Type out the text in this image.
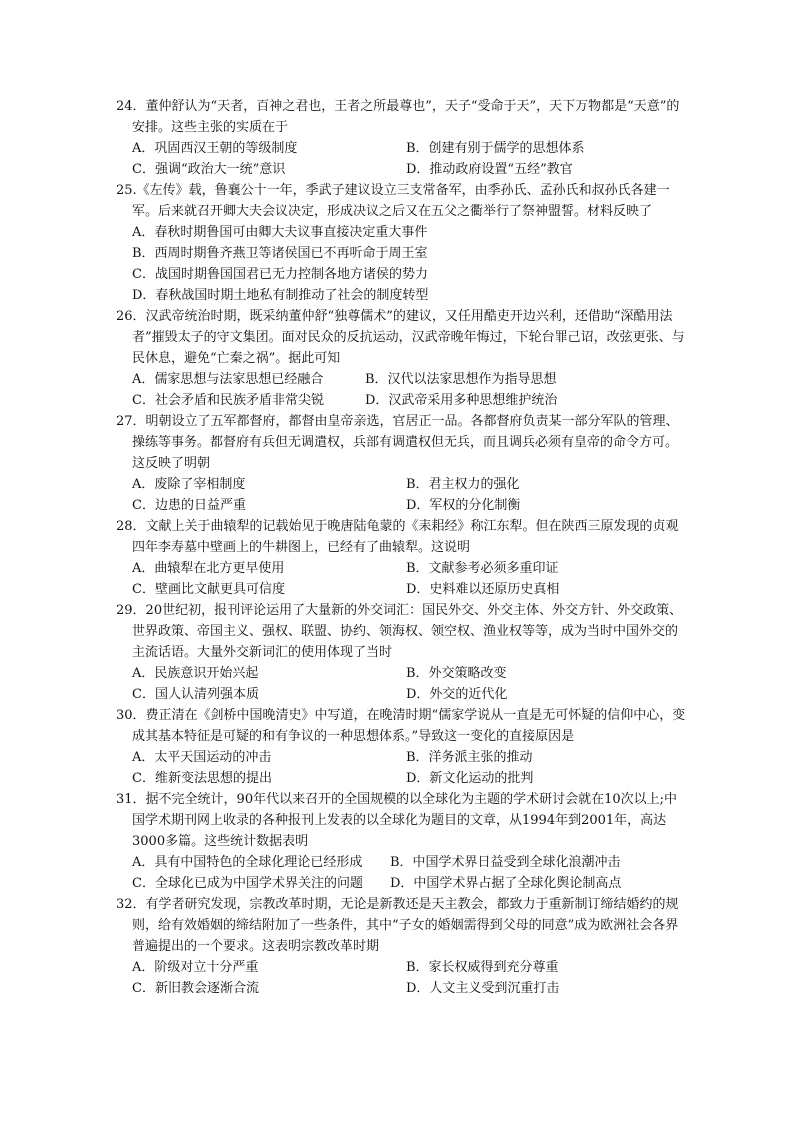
24．董仲舒认为“天者，百神之君也，王者之所最尊也”，天子“受命于天”，天下万物都是“天意”的安排。这些主张的实质在于

A．巩固西汉王朝的等级制度	B．创建有别于儒学的思想体系
C．强调“政治大一统”意识	D．推动政府设置“五经”教官

25.《左传》载，鲁襄公十一年，季武子建议设立三支常备军，由季孙氏、孟孙氏和叔孙氏各建一军。后来就召开卿大夫会议决定，形成决议之后又在五父之衢举行了祭神盟誓。材料反映了

A．春秋时期鲁国可由卿大夫议事直接决定重大事件
B．西周时期鲁齐燕卫等诸侯国已不再听命于周王室
C．战国时期鲁国国君已无力控制各地方诸侯的势力
D．春秋战国时期土地私有制推动了社会的制度转型

26．汉武帝统治时期，既采纳董仲舒“独尊儒术”的建议，又任用酷吏开边兴利，还借助“深酷用法者”摧毁太子的守文集团。面对民众的反抗运动，汉武帝晚年悔过，下轮台罪己诏，改弦更张、与民休息，避免“亡秦之祸”。据此可知

A．儒家思想与法家思想已经融合	B．汉代以法家思想作为指导思想
C．社会矛盾和民族矛盾非常尖锐	D．汉武帝采用多种思想维护统治

27．明朝设立了五军都督府，都督由皇帝亲选，官居正一品。各都督府负责某一部分军队的管理、操练等事务。都督府有兵但无调遣权，兵部有调遣权但无兵，而且调兵必须有皇帝的命令方可。这反映了明朝

A．废除了宰相制度	B．君主权力的强化
C．边患的日益严重	D．军权的分化制衡

28．文献上关于曲辕犁的记载始见于晚唐陆龟蒙的《耒耜经》称江东犁。但在陕西三原发现的贞观四年李寿墓中壁画上的牛耕图上，已经有了曲辕犁。这说明

A．曲辕犁在北方更早使用	B．文献参考必须多重印证
C．壁画比文献更具可信度	D．史料难以还原历史真相

29．20世纪初，报刊评论运用了大量新的外交词汇：国民外交、外交主体、外交方针、外交政策、世界政策、帝国主义、强权、联盟、协约、领海权、领空权、渔业权等等，成为当时中国外交的主流话语。大量外交新词汇的使用体现了当时

A．民族意识开始兴起	B．外交策略改变
C．国人认清列强本质	D．外交的近代化

30．费正清在《剑桥中国晚清史》中写道，在晚清时期“儒家学说从一直是无可怀疑的信仰中心，变成其基本特征是可疑的和有争议的一种思想体系。”导致这一变化的直接原因是

A．太平天国运动的冲击	B．洋务派主张的推动
C．维新变法思想的提出	D．新文化运动的批判

31．据不完全统计，90年代以来召开的全国规模的以全球化为主题的学术研讨会就在10次以上;中国学术期刊网上收录的各种报刊上发表的以全球化为题目的文章，从1994年到2001年，高达3000多篇。这些统计数据表明

A．具有中国特色的全球化理论已经形成	B．中国学术界日益受到全球化浪潮冲击
C．全球化已成为中国学术界关注的问题	D．中国学术界占据了全球化舆论制高点

32．有学者研究发现，宗教改革时期，无论是新教还是天主教会，都致力于重新制订缔结婚约的规则，给有效婚姻的缔结附加了一些条件，其中“子女的婚姻需得到父母的同意”成为欧洲社会各界普遍提出的一个要求。这表明宗教改革时期

A．阶级对立十分严重	B．家长权威得到充分尊重
C．新旧教会逐渐合流	D．人文主义受到沉重打击
